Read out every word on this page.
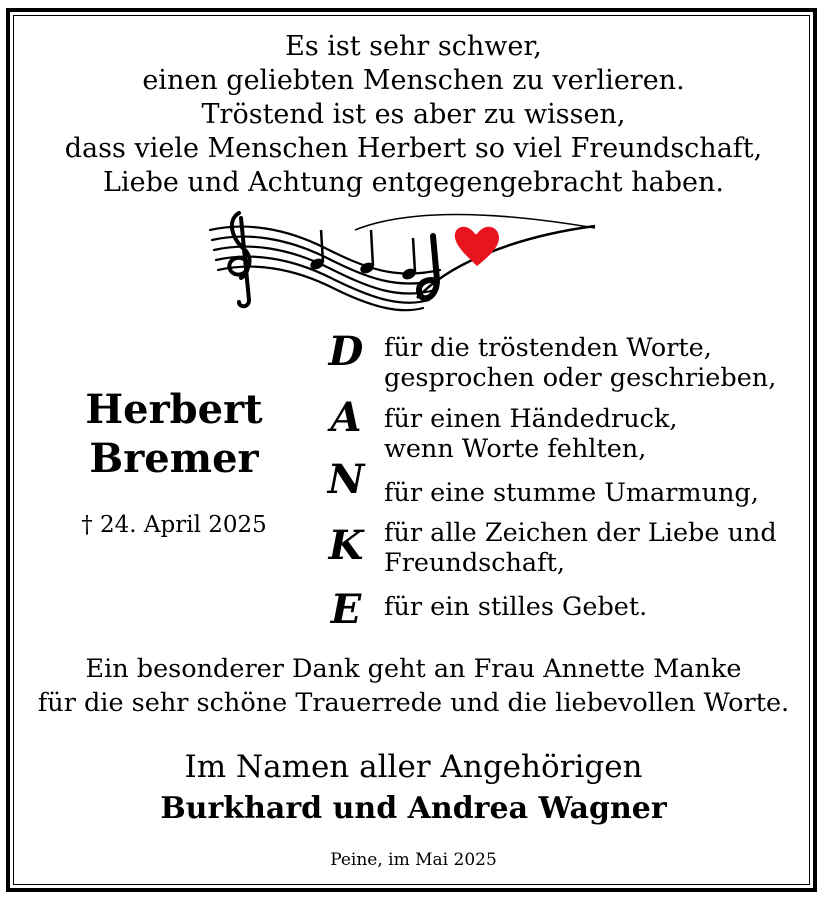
Es ist sehr schwer,
einen geliebten Menschen zu verlieren.
Tröstend ist es aber zu wissen,
dass viele Menschen Herbert so viel Freundschaft,
Liebe und Achtung entgegengebracht haben.
Herbert
Bremer
† 24. April 2025
D für die tröstenden Worte,
gesprochen oder geschrieben,
A für einen Händedruck,
wenn Worte fehlten,
N für eine stumme Umarmung,
K für alle Zeichen der Liebe und
Freundschaft,
E für ein stilles Gebet.
Ein besonderer Dank geht an Frau Annette Manke
für die sehr schöne Trauerrede und die liebevollen Worte.
Im Namen aller Angehörigen
Burkhard und Andrea Wagner
Peine, im Mai 2025
